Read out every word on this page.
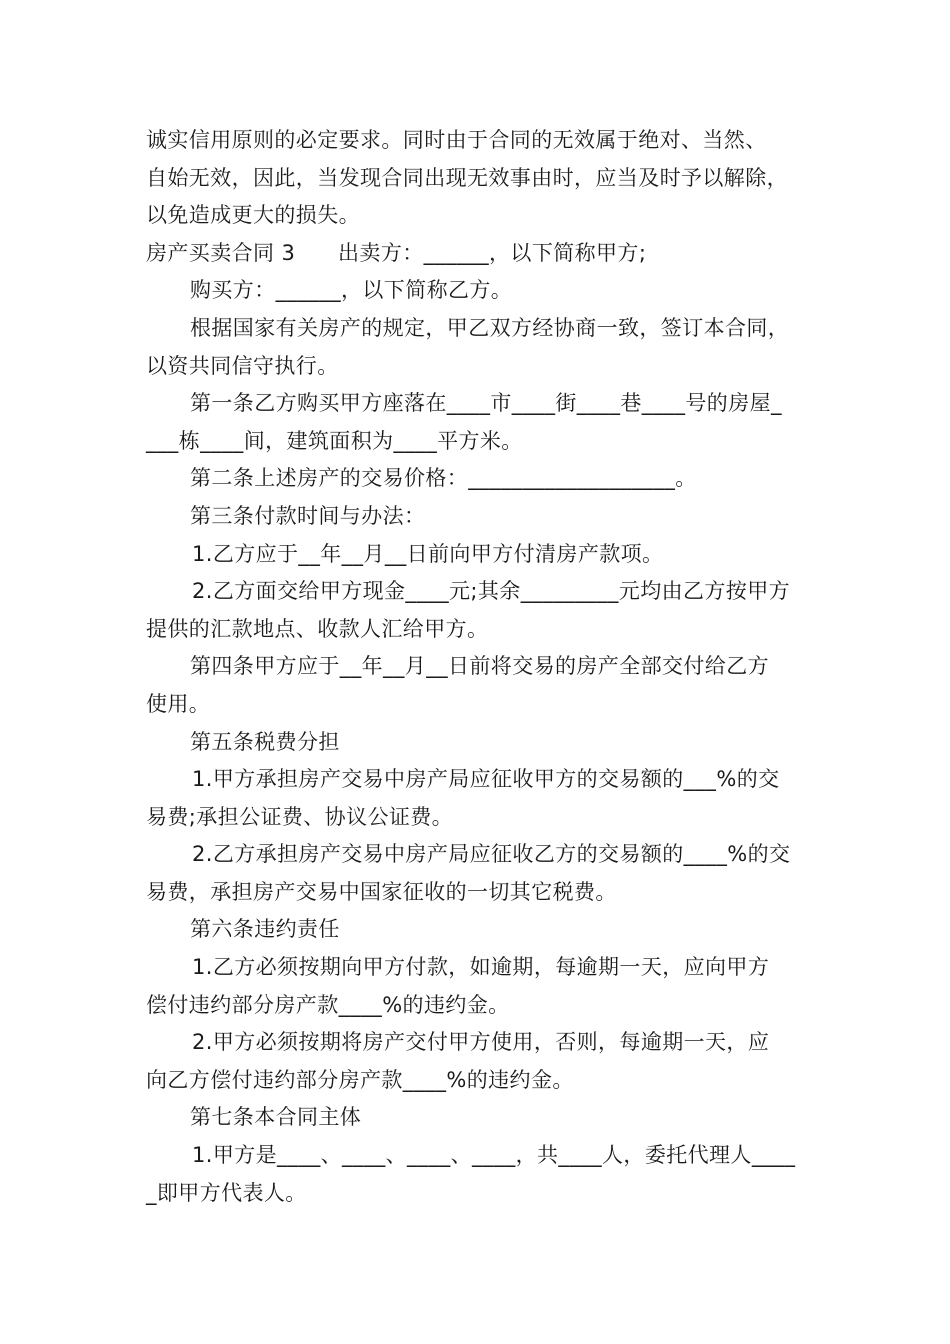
诚实信用原则的必定要求。同时由于合同的无效属于绝对、当然、

自始无效，因此，当发现合同出现无效事由时，应当及时予以解除，

以免造成更大的损失。

房产买卖合同 3　　出卖方：______，以下简称甲方;

购买方：______，以下简称乙方。

根据国家有关房产的规定，甲乙双方经协商一致，签订本合同，

以资共同信守执行。

第一条乙方购买甲方座落在____市____街____巷____号的房屋_

___栋____间，建筑面积为____平方米。

第二条上述房产的交易价格：___________________。

第三条付款时间与办法：

1.乙方应于__年__月__日前向甲方付清房产款项。

2.乙方面交给甲方现金____元;其余_________元均由乙方按甲方

提供的汇款地点、收款人汇给甲方。

第四条甲方应于__年__月__日前将交易的房产全部交付给乙方

使用。

第五条税费分担

1.甲方承担房产交易中房产局应征收甲方的交易额的___%的交

易费;承担公证费、协议公证费。

2.乙方承担房产交易中房产局应征收乙方的交易额的____%的交

易费，承担房产交易中国家征收的一切其它税费。

第六条违约责任

1.乙方必须按期向甲方付款，如逾期，每逾期一天，应向甲方

偿付违约部分房产款____%的违约金。

2.甲方必须按期将房产交付甲方使用，否则，每逾期一天，应

向乙方偿付违约部分房产款____%的违约金。

第七条本合同主体

1.甲方是____、____、____、____，共____人，委托代理人____

_即甲方代表人。
